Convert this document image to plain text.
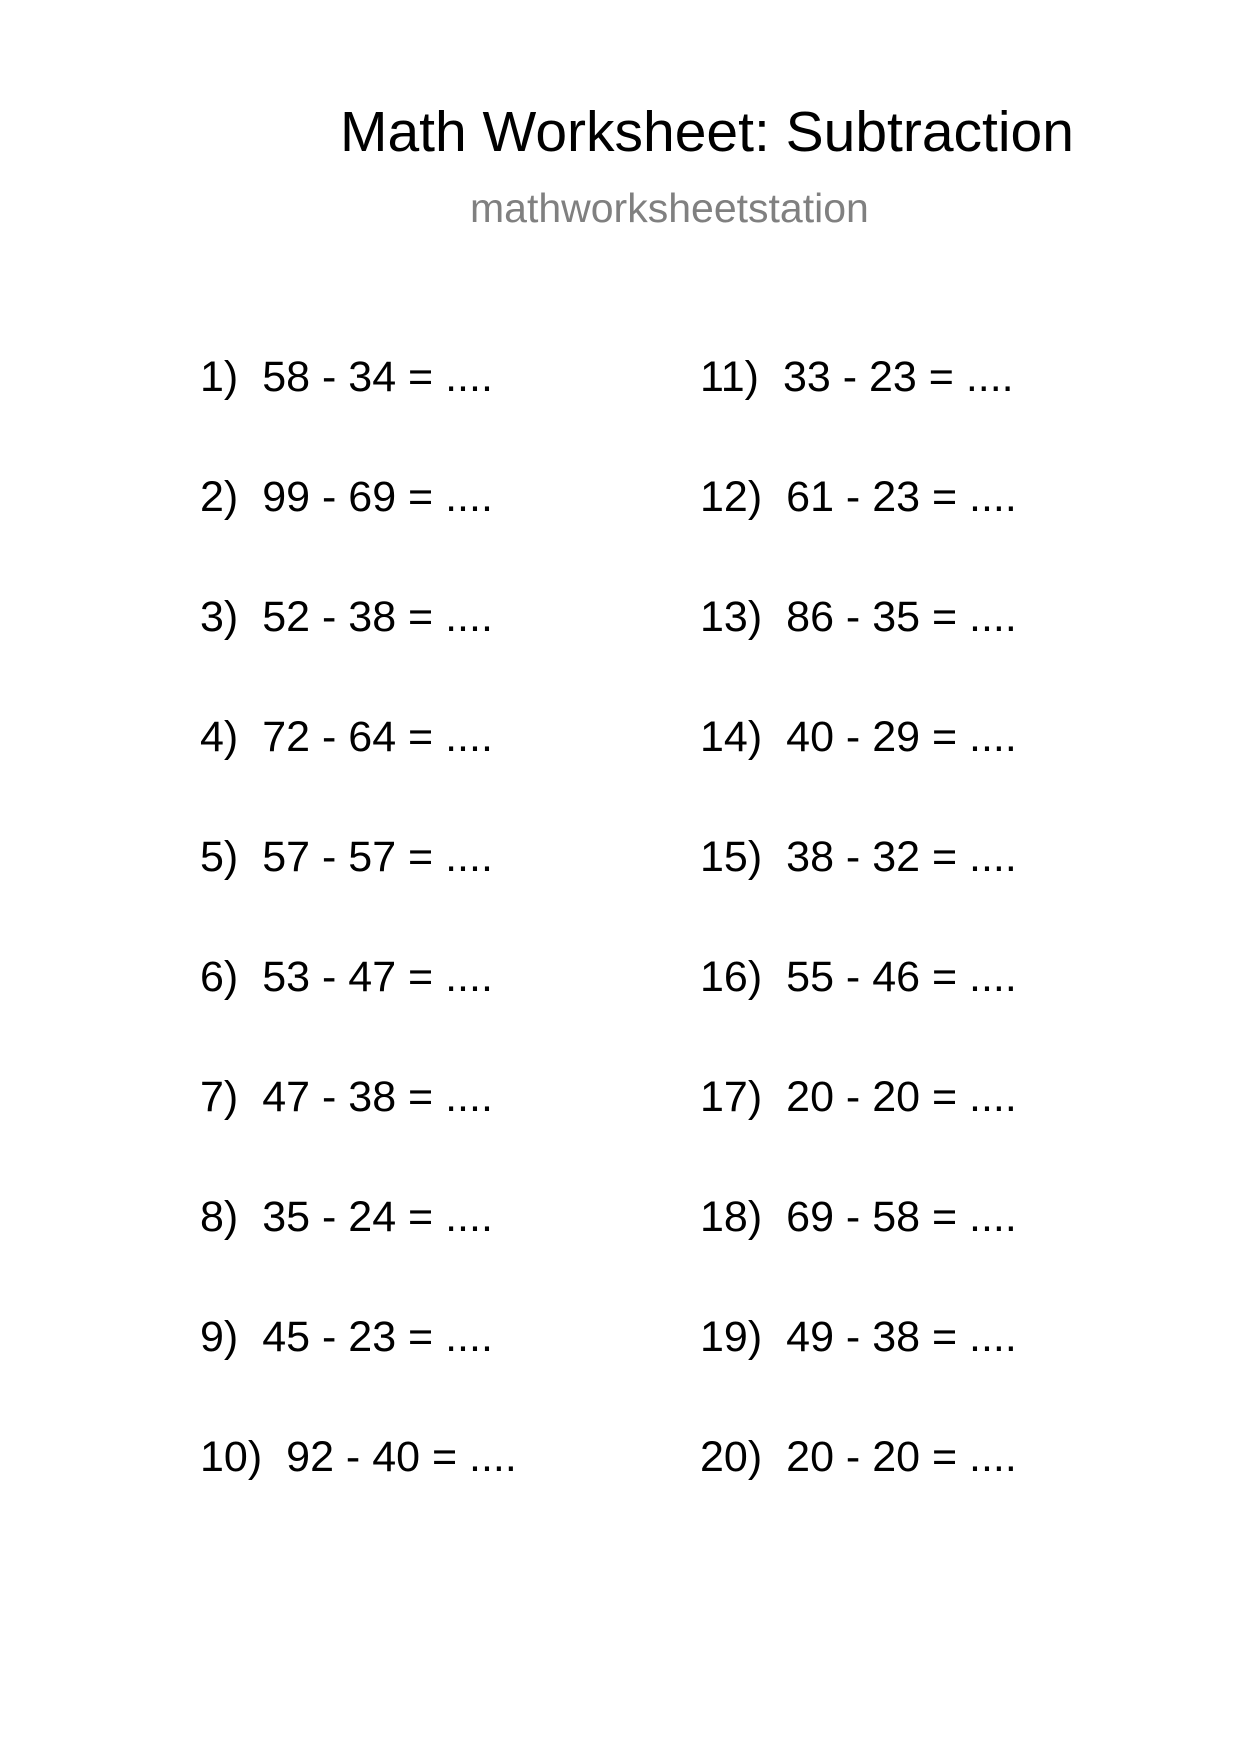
Math Worksheet: Subtraction
mathworksheetstation
1) 58 - 34 = ....
2) 99 - 69 = ....
3) 52 - 38 = ....
4) 72 - 64 = ....
5) 57 - 57 = ....
6) 53 - 47 = ....
7) 47 - 38 = ....
8) 35 - 24 = ....
9) 45 - 23 = ....
10) 92 - 40 = ....
11) 33 - 23 = ....
12) 61 - 23 = ....
13) 86 - 35 = ....
14) 40 - 29 = ....
15) 38 - 32 = ....
16) 55 - 46 = ....
17) 20 - 20 = ....
18) 69 - 58 = ....
19) 49 - 38 = ....
20) 20 - 20 = ....
